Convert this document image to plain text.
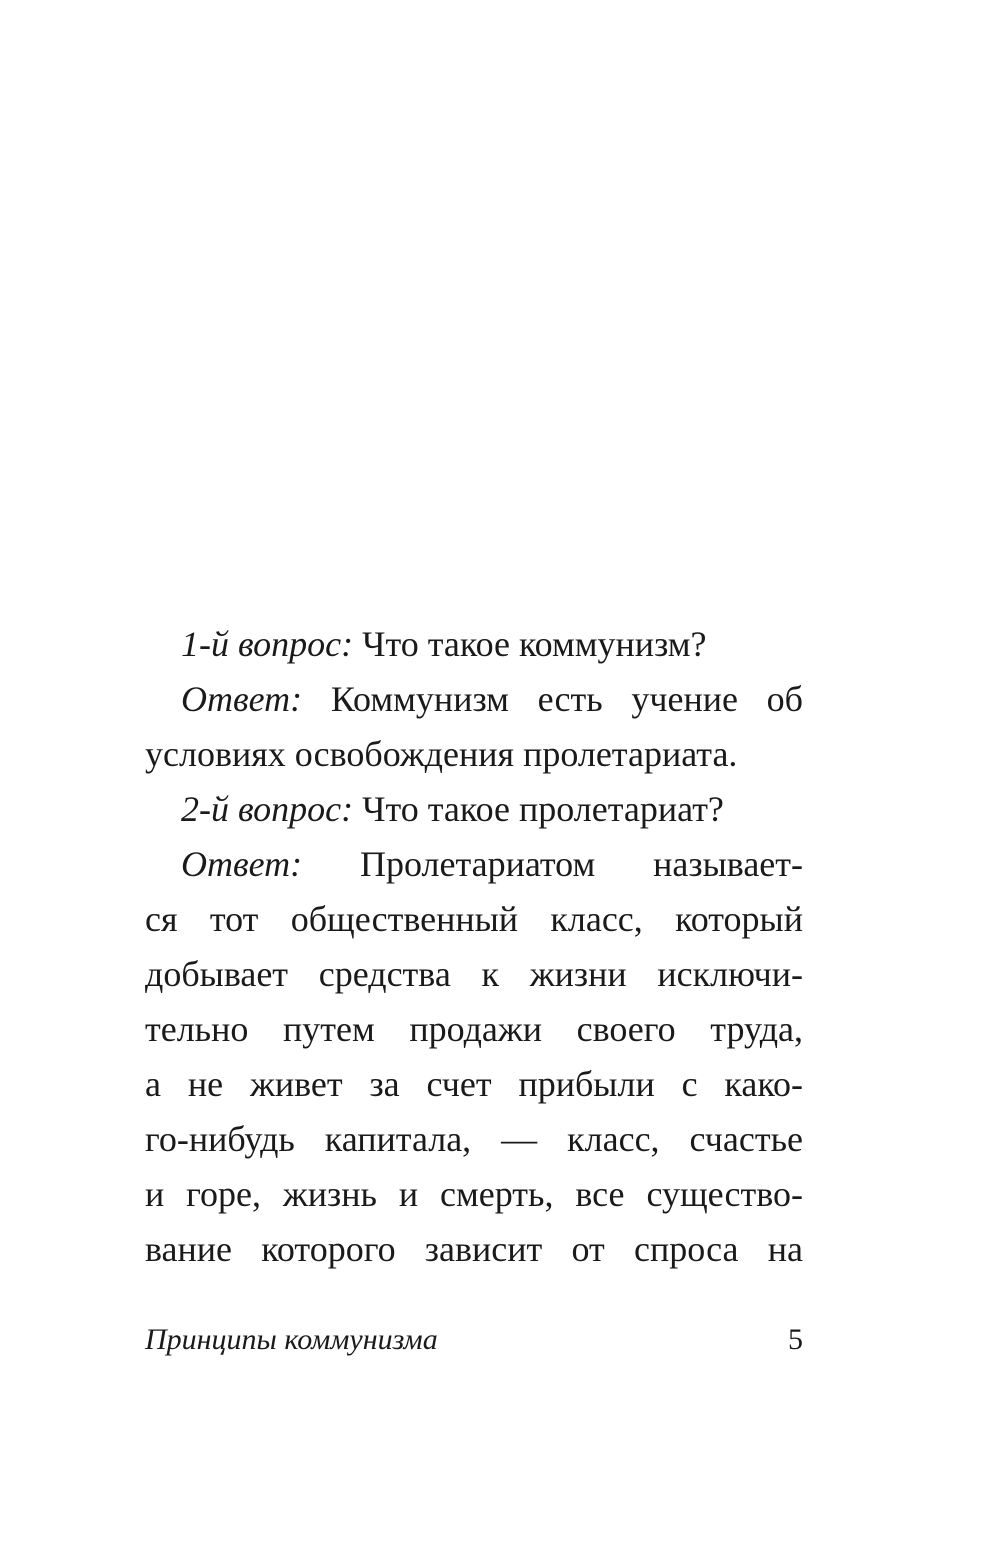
1-й вопрос: Что такое коммунизм?
Ответ: Коммунизм есть учение об
условиях освобождения пролетариата.
2-й вопрос: Что такое пролетариат?
Ответ: Пролетариатом называет-
ся тот общественный класс, который
добывает средства к жизни исключи-
тельно путем продажи своего труда,
а не живет за счет прибыли с како-
го-нибудь капитала, — класс, счастье
и горе, жизнь и смерть, все существо-
вание которого зависит от спроса на
Принципы коммунизма	5
